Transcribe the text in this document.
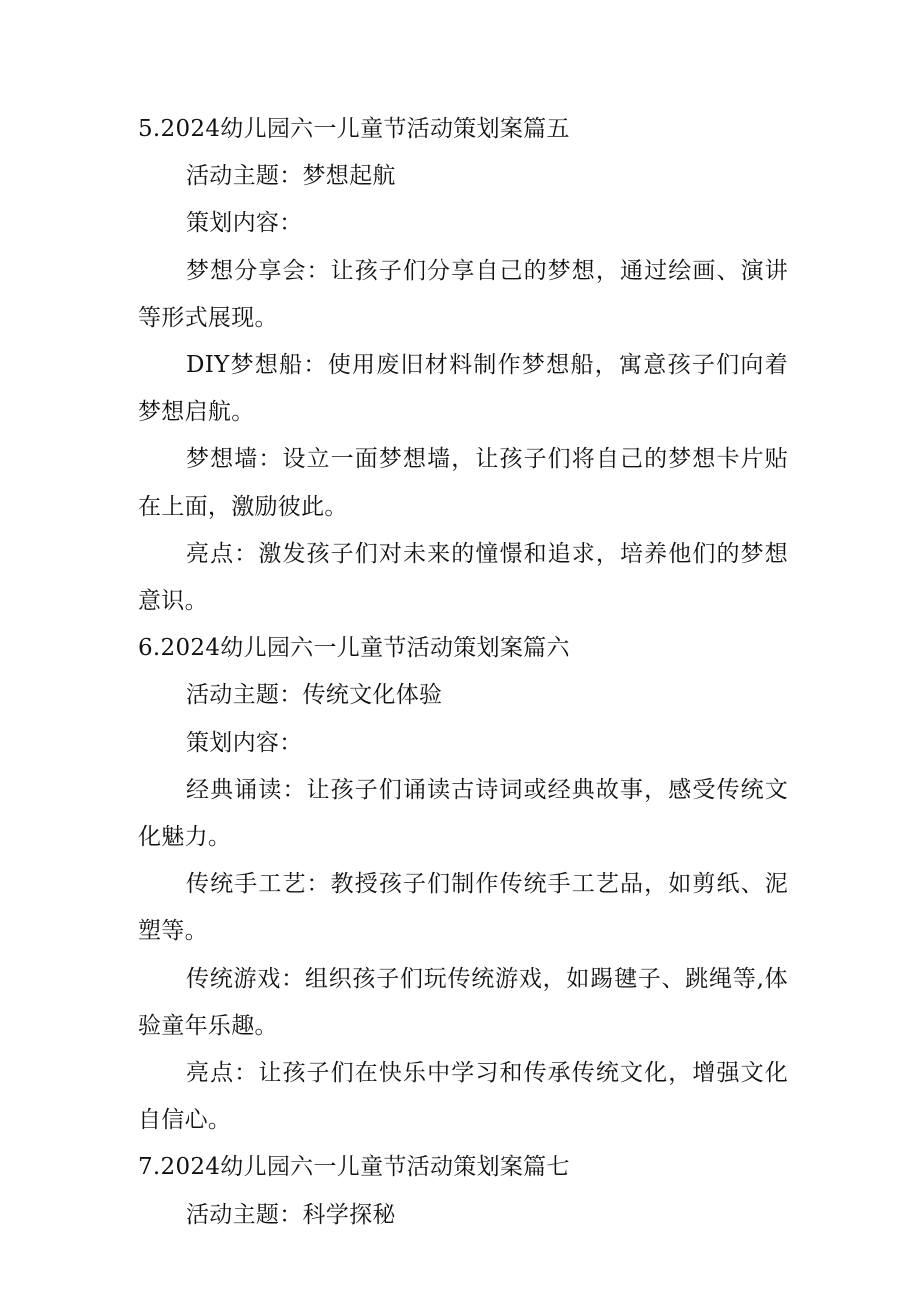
5.2024幼儿园六一儿童节活动策划案篇五

活动主题：梦想起航

策划内容：

梦想分享会：让孩子们分享自己的梦想，通过绘画、演讲等形式展现。

DIY梦想船：使用废旧材料制作梦想船，寓意孩子们向着梦想启航。

梦想墙：设立一面梦想墙，让孩子们将自己的梦想卡片贴在上面，激励彼此。

亮点：激发孩子们对未来的憧憬和追求，培养他们的梦想意识。

6.2024幼儿园六一儿童节活动策划案篇六

活动主题：传统文化体验

策划内容：

经典诵读：让孩子们诵读古诗词或经典故事，感受传统文化魅力。

传统手工艺：教授孩子们制作传统手工艺品，如剪纸、泥塑等。

传统游戏：组织孩子们玩传统游戏，如踢毽子、跳绳等,体验童年乐趣。

亮点：让孩子们在快乐中学习和传承传统文化，增强文化自信心。

7.2024幼儿园六一儿童节活动策划案篇七

活动主题：科学探秘
